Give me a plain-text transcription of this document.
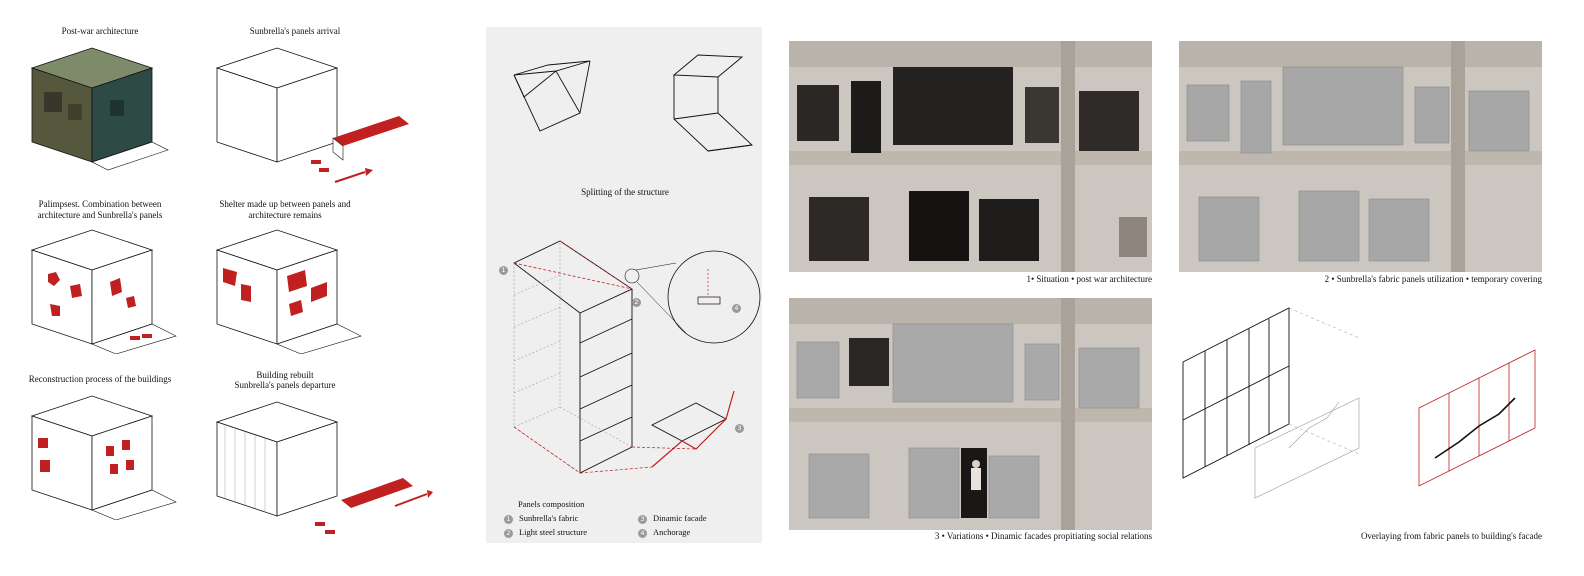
Post-war architecture
Palimpsest. Combination between
architecture and Sunbrella's panels
Reconstruction process of the buildings
Sunbrella's panels arrival
Shelter made up between panels and
architecture remains
Building rebuilt
Sunbrella's panels departure
Splitting of the structure
1
2
4
3
Panels composition
1 Sunbrella's fabric
2 Light steel structure
3 Dinamic facade
4 Anchorage
1• Situation • post war architecture	2 • Sunbrella's fabric panels utilization • temporary covering
3 • Variations • Dinamic facades propitiating social relations	Overlaying from fabric panels to building's facade
